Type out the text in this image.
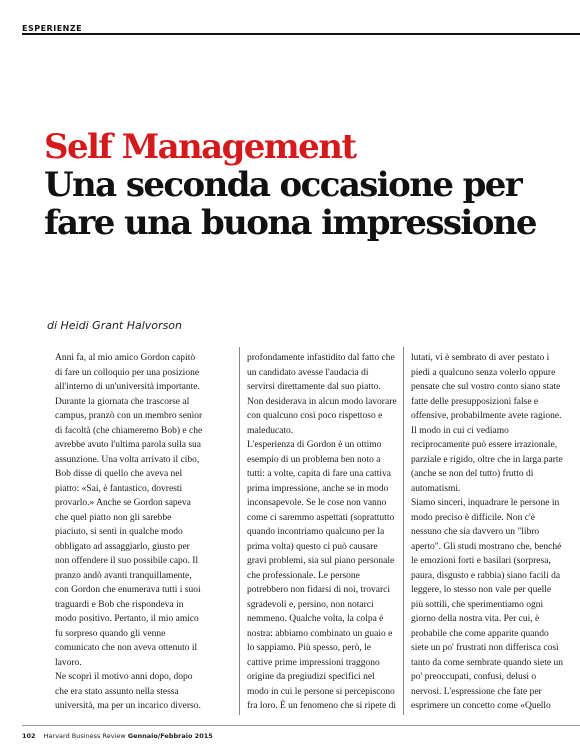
ESPERIENZE
Self Management
Una seconda occasione per fare una buona impressione
di Heidi Grant Halvorson

Anni fa, al mio amico Gordon capitò di fare un colloquio per una posizione all'interno di un'università importante. Durante la giornata che trascorse al campus, pranzò con un membro senior di facoltà (che chiameremo Bob) e che avrebbe avuto l'ultima parola sulla sua assunzione. Una volta arrivato il cibo, Bob disse di quello che aveva nel piatto: «Sai, è fantastico, dovresti provarlo.» Anche se Gordon sapeva che quel piatto non gli sarebbe piaciuto, si sentì in qualche modo obbligato ad assaggiarlo, giusto per non offendere il suo possibile capo. Il pranzo andò avanti tranquillamente, con Gordon che enumerava tutti i suoi traguardi e Bob che rispondeva in modo positivo. Pertanto, il mio amico fu sorpreso quando gli venne comunicato che non aveva ottenuto il lavoro.
Ne scoprì il motivo anni dopo, dopo che era stato assunto nella stessa università, ma per un incarico diverso.

profondamente infastidito dal fatto che un candidato avesse l'audacia di servirsi direttamente dal suo piatto. Non desiderava in alcun modo lavorare con qualcuno così poco rispettoso e maleducato.
L'esperienza di Gordon è un ottimo esempio di un problema ben noto a tutti: a volte, capita di fare una cattiva prima impressione, anche se in modo inconsapevole. Se le cose non vanno come ci saremmo aspettati (soprattutto quando incontriamo qualcuno per la prima volta) questo ci può causare gravi problemi, sia sul piano personale che professionale. Le persone potrebbero non fidarsi di noi, trovarci sgradevoli e, persino, non notarci nemmeno. Qualche volta, la colpa è nostra: abbiamo combinato un guaio e lo sappiamo. Più spesso, però, le cattive prime impressioni traggono origine da pregiudizi specifici nel modo in cui le persone si percepiscono fra loro. È un fenomeno che si ripete di

lutati, vi è sembrato di aver pestato i piedi a qualcuno senza volerlo oppure pensate che sul vostro conto siano state fatte delle presupposizioni false e offensive, probabilmente avete ragione. Il modo in cui ci vediamo reciprocamente può essere irrazionale, parziale e rigido, oltre che in larga parte (anche se non del tutto) frutto di automatismi.
Siamo sinceri, inquadrare le persone in modo preciso è difficile. Non c'è nessuno che sia davvero un "libro aperto". Gli studi mostrano che, benché le emozioni forti e basilari (sorpresa, paura, disgusto e rabbia) siano facili da leggere, lo stesso non vale per quelle più sottili, che sperimentiamo ogni giorno della nostra vita. Per cui, è probabile che come apparite quando siete un po' frustrati non differisca così tanto da come sembrate quando siete un po' preoccupati, confusi, delusi o nervosi. L'espressione che fate per esprimere un concetto come «Quello

102 Harvard Business Review Gennaio/Febbraio 2015
